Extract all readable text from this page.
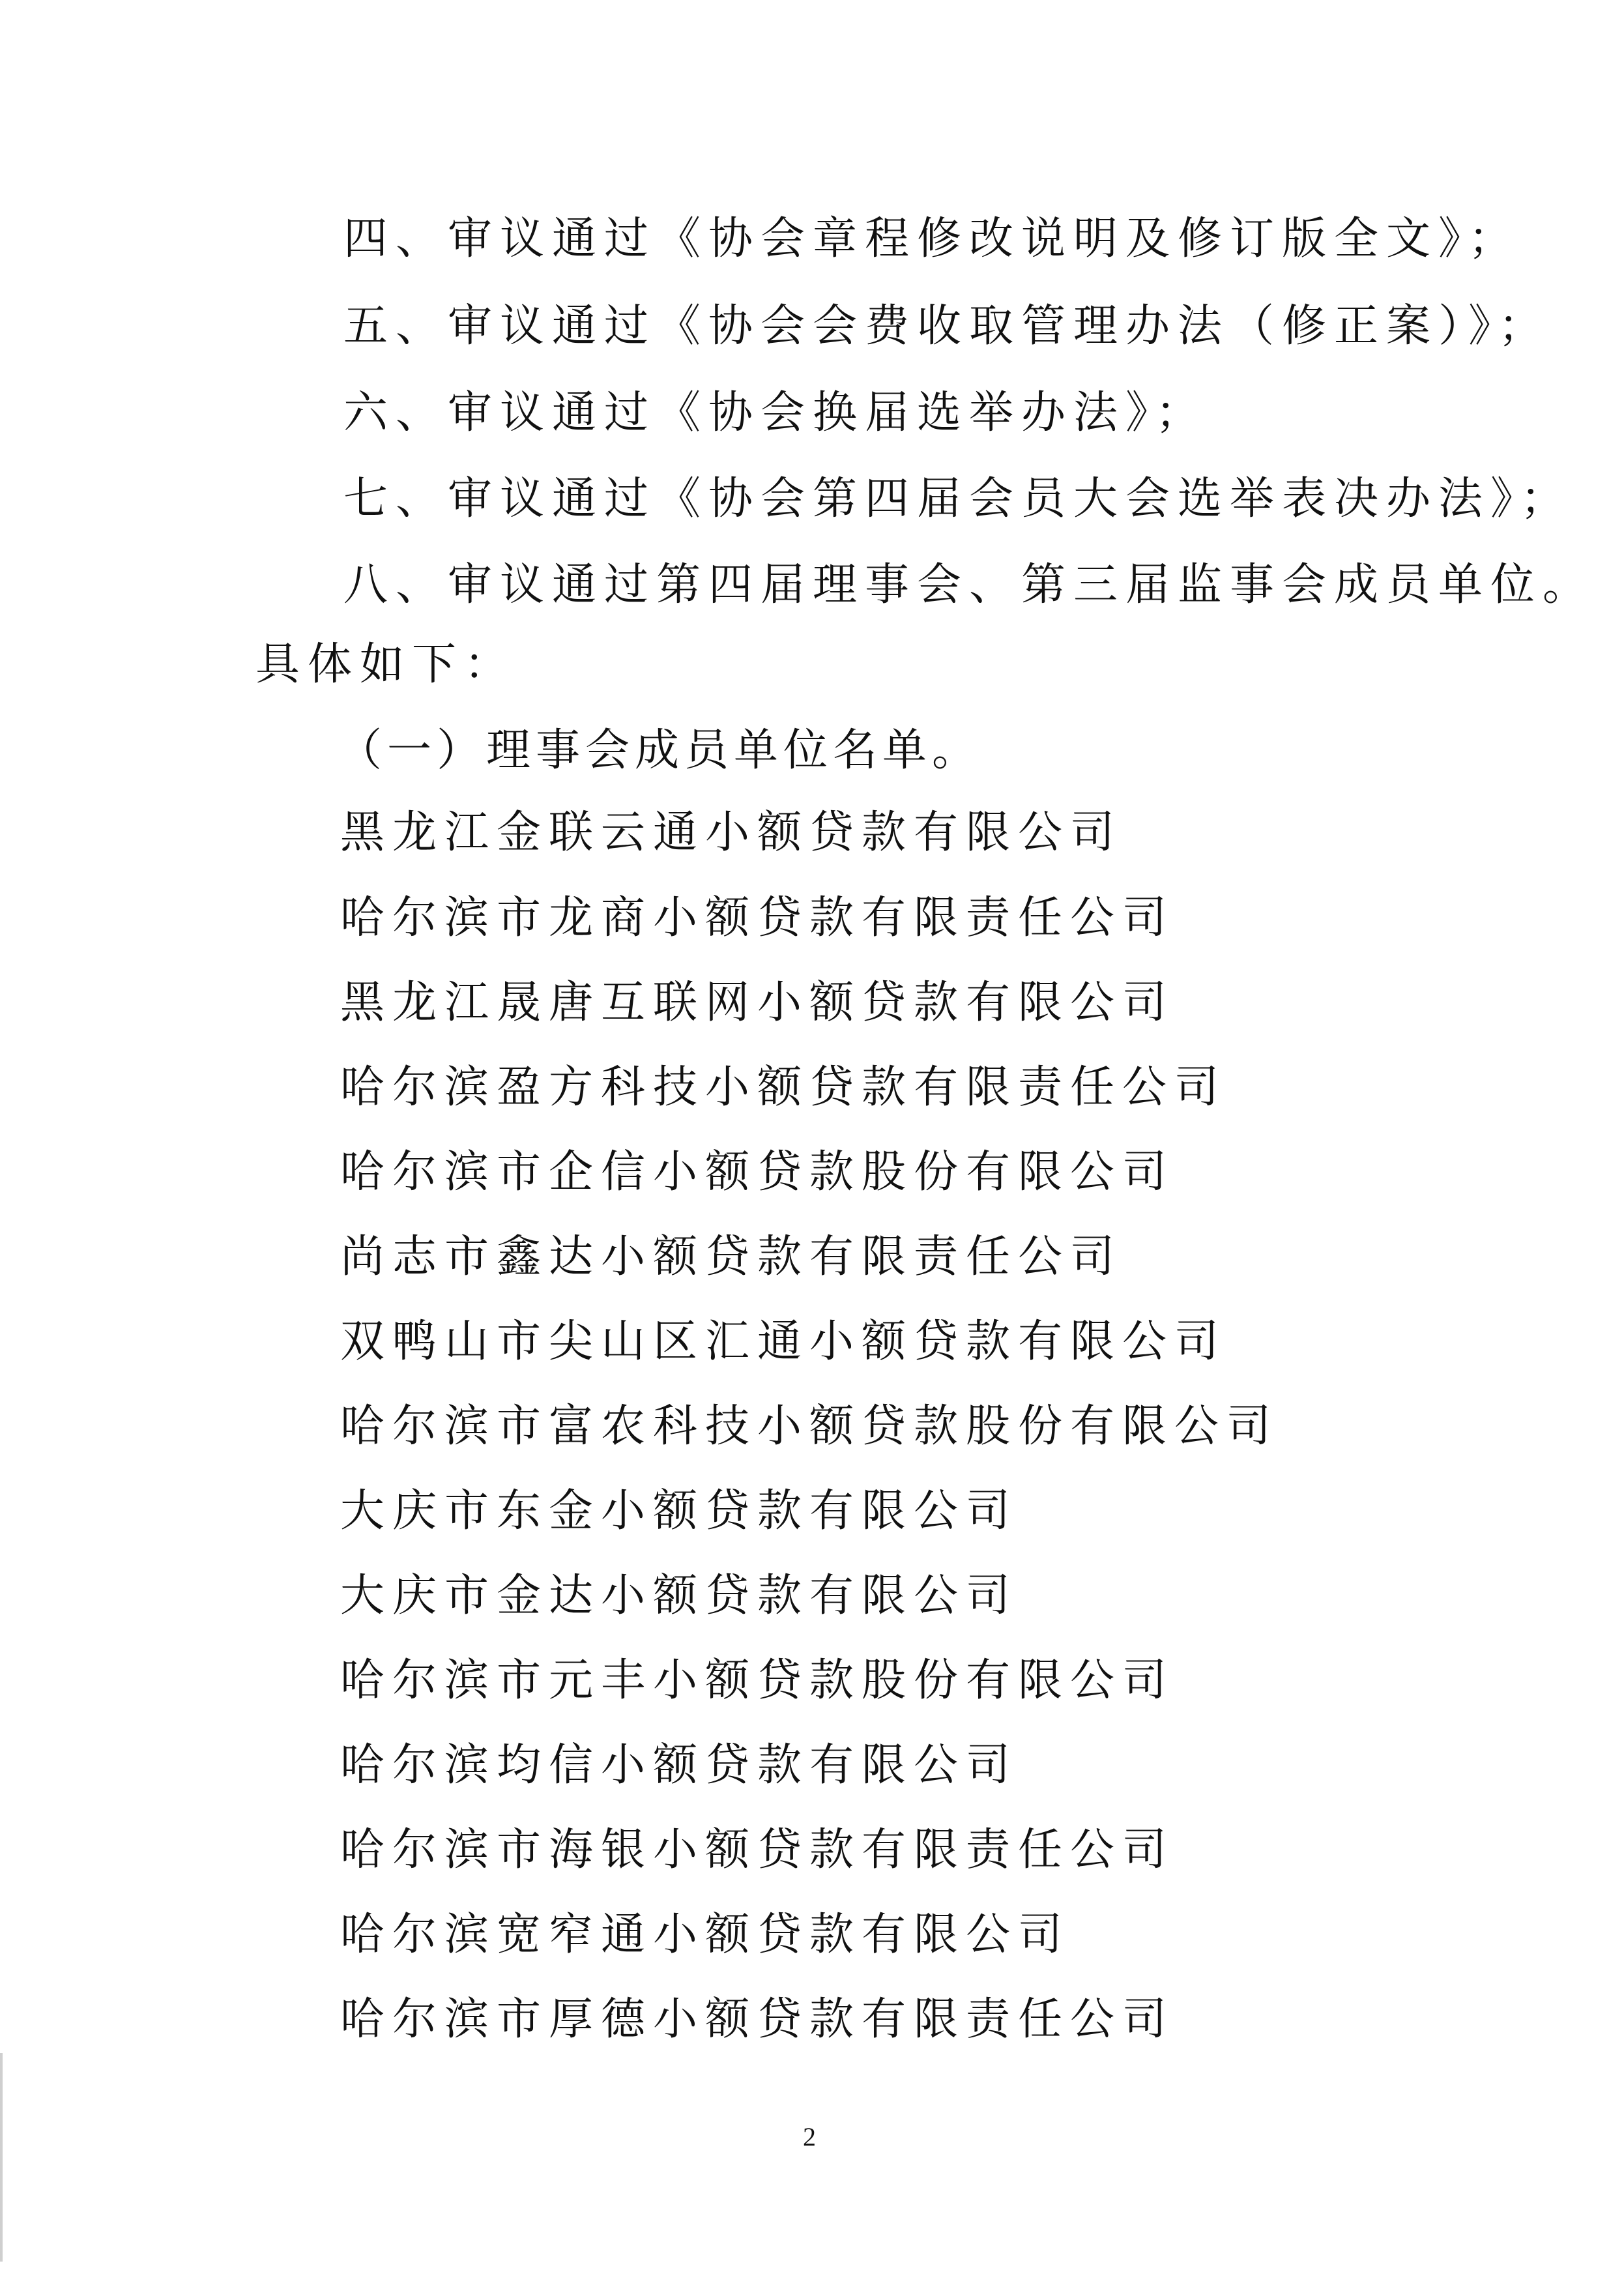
四、审议通过《协会章程修改说明及修订版全文》；
五、审议通过《协会会费收取管理办法（修正案）》；
六、审议通过《协会换届选举办法》；
七、审议通过《协会第四届会员大会选举表决办法》；
八、审议通过第四届理事会、第三届监事会成员单位。
具体如下：
（一）理事会成员单位名单。
黑龙江金联云通小额贷款有限公司
哈尔滨市龙商小额贷款有限责任公司
黑龙江晟唐互联网小额贷款有限公司
哈尔滨盈方科技小额贷款有限责任公司
哈尔滨市企信小额贷款股份有限公司
尚志市鑫达小额贷款有限责任公司
双鸭山市尖山区汇通小额贷款有限公司
哈尔滨市富农科技小额贷款股份有限公司
大庆市东金小额贷款有限公司
大庆市金达小额贷款有限公司
哈尔滨市元丰小额贷款股份有限公司
哈尔滨均信小额贷款有限公司
哈尔滨市海银小额贷款有限责任公司
哈尔滨宽窄通小额贷款有限公司
哈尔滨市厚德小额贷款有限责任公司
2
